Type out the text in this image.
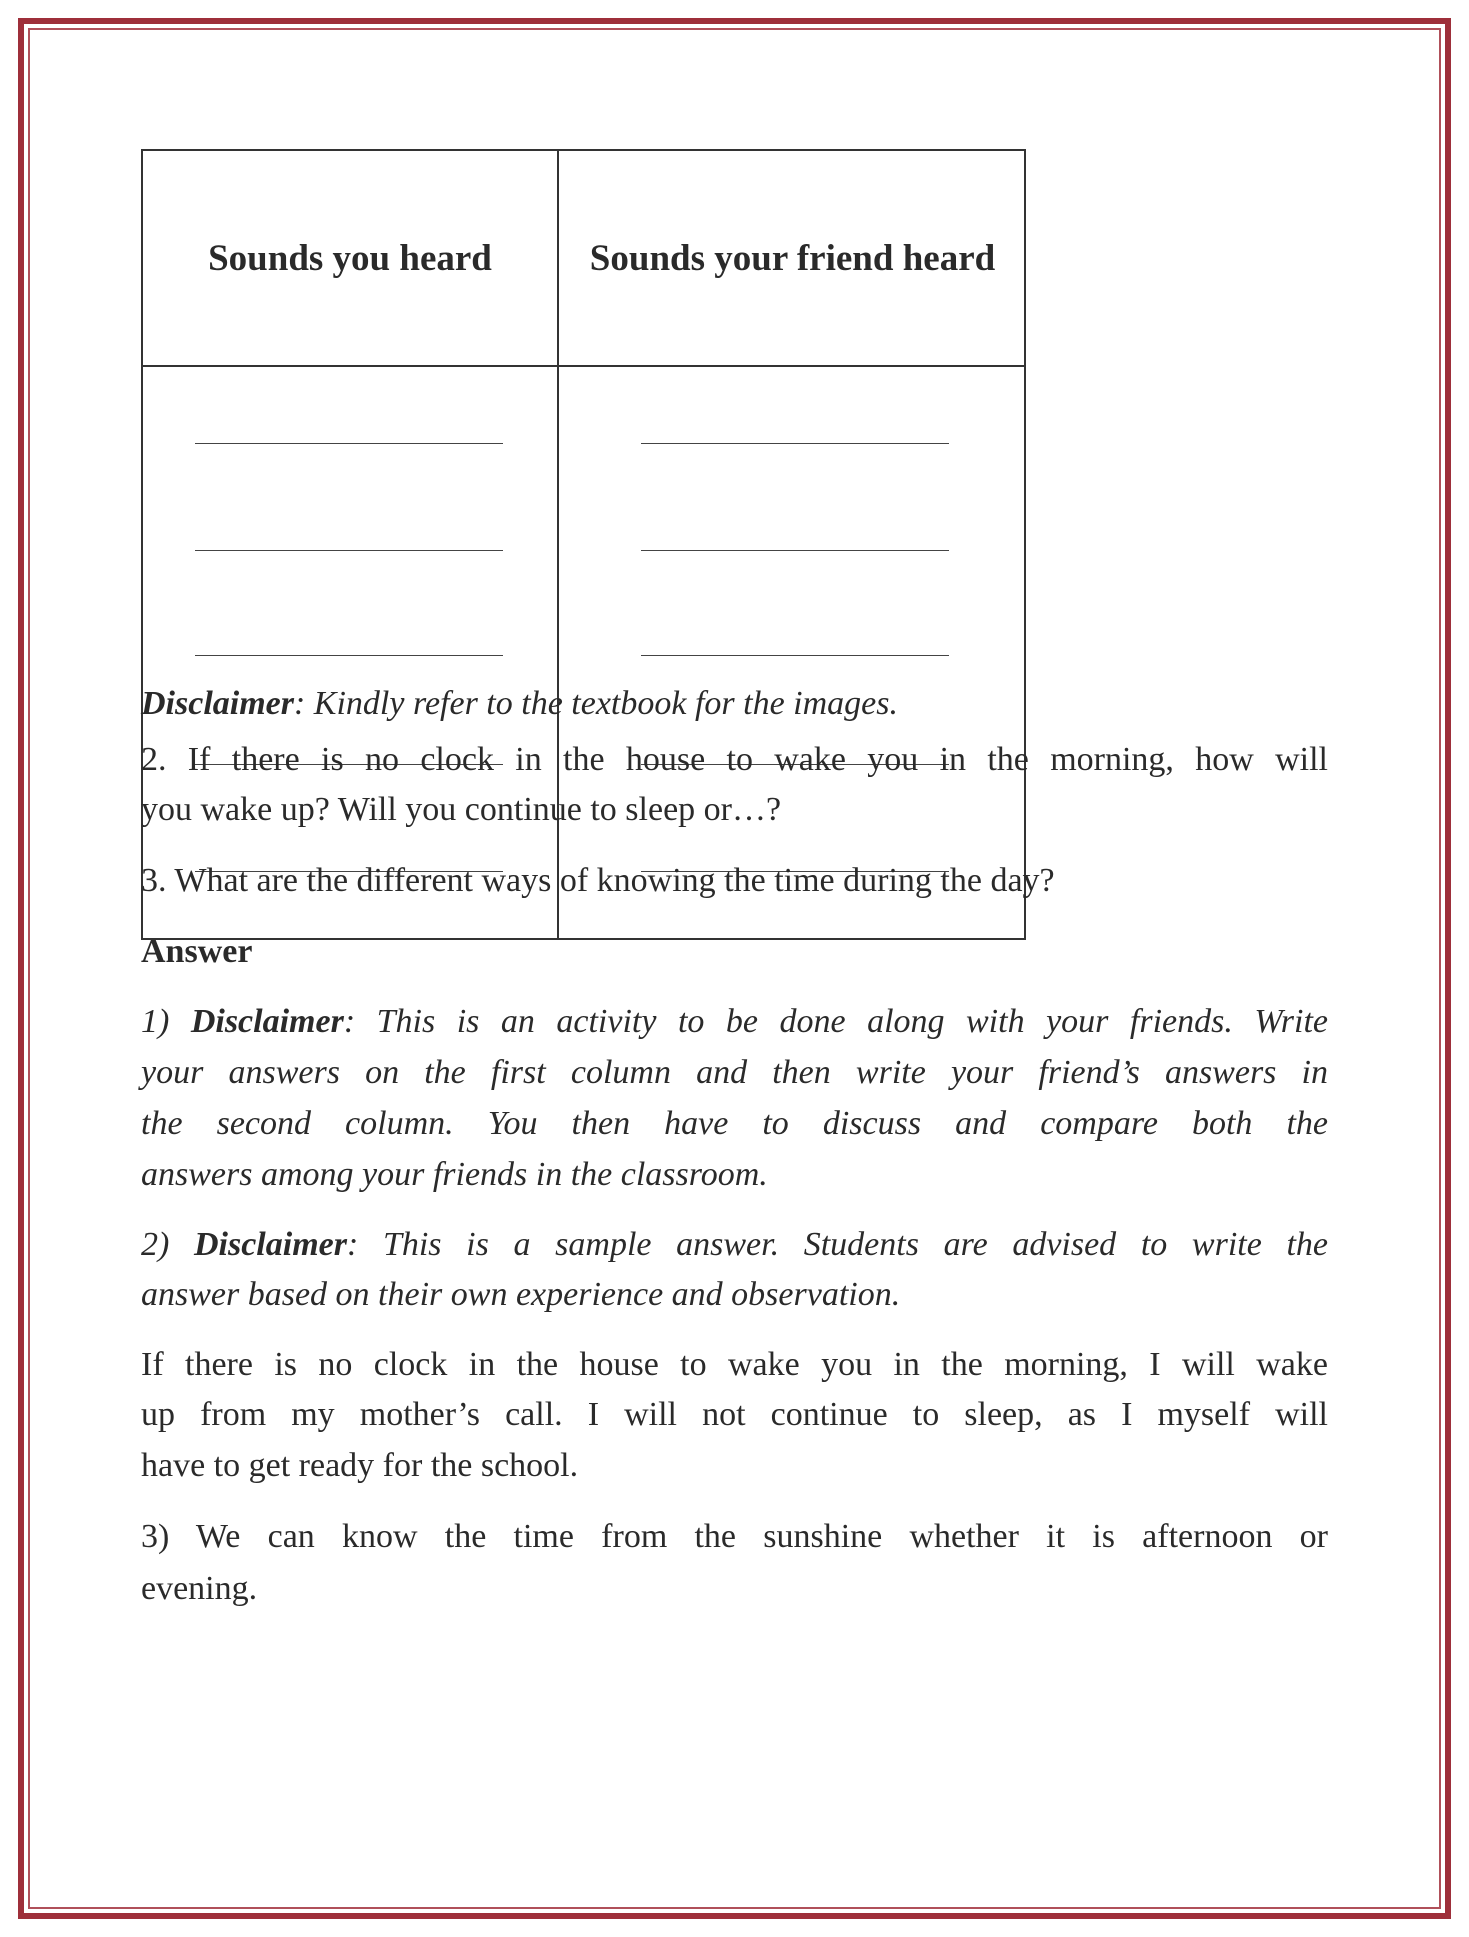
Sounds you heard	Sounds your friend heard
Disclaimer: Kindly refer to the textbook for the images.
2. If there is no clock in the house to wake you in the morning, how will
you wake up? Will you continue to sleep or…?
3. What are the different ways of knowing the time during the day?
Answer
1) Disclaimer: This is an activity to be done along with your friends. Write
your answers on the first column and then write your friend’s answers in
the second column. You then have to discuss and compare both the
answers among your friends in the classroom.
2) Disclaimer: This is a sample answer. Students are advised to write the
answer based on their own experience and observation.
If there is no clock in the house to wake you in the morning, I will wake
up from my mother’s call. I will not continue to sleep, as I myself will
have to get ready for the school.
3) We can know the time from the sunshine whether it is afternoon or
evening.
